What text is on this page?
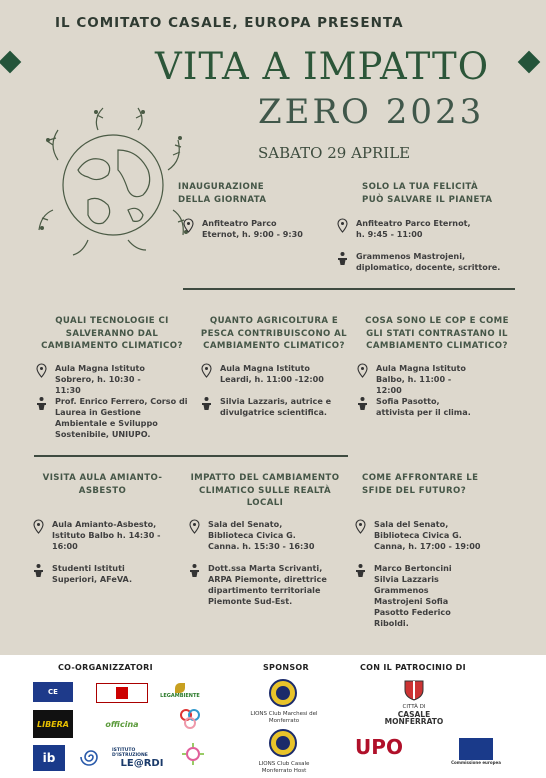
IL COMITATO CASALE, EUROPA PRESENTA
VITA A IMPATTO
ZERO 2023
SABATO 29 APRILE
INAUGURAZIONE DELLA GIORNATA
Anfiteatro Parco Eternot, h. 9:00 - 9:30
SOLO LA TUA FELICITÀ PUÒ SALVARE IL PIANETA
Anfiteatro Parco Eternot, h. 9:45 - 11:00
Grammenos Mastrojeni, diplomatico, docente, scrittore.
QUALI TECNOLOGIE CI SALVERANNO DAL CAMBIAMENTO CLIMATICO?
Aula Magna Istituto Sobrero, h. 10:30 - 11:30
Prof. Enrico Ferrero, Corso di Laurea in Gestione Ambientale e Sviluppo Sostenibile, UNIUPO.
QUANTO AGRICOLTURA E PESCA CONTRIBUISCONO AL CAMBIAMENTO CLIMATICO?
Aula Magna Istituto Leardi, h. 11:00 -12:00
Silvia Lazzaris, autrice e divulgatrice scientifica.
COSA SONO LE COP E COME GLI STATI CONTRASTANO IL CAMBIAMENTO CLIMATICO?
Aula Magna Istituto Balbo, h. 11:00 - 12:00
Sofia Pasotto, attivista per il clima.
VISITA AULA AMIANTO-ASBESTO
Aula Amianto-Asbesto, Istituto Balbo h. 14:30 - 16:00
Studenti Istituti Superiori, AFeVA.
IMPATTO DEL CAMBIAMENTO CLIMATICO SULLE REALTÀ LOCALI
Sala del Senato, Biblioteca Civica G. Canna. h. 15:30 - 16:30
Dott.ssa Marta Scrivanti, ARPA Piemonte, direttrice dipartimento territoriale Piemonte Sud-Est.
COME AFFRONTARE LE SFIDE DEL FUTURO?
Sala del Senato, Biblioteca Civica G. Canna, h. 17:00 - 19:00
Marco Bertoncini Silvia Lazzaris Grammenos Mastrojeni Sofia Pasotto Federico Riboldi.
CO-ORGANIZZATORI	SPONSOR	CON IL PATROCINIO DI
CE	LEGAMBIENTE
LIBERA	officina
ib
ISTITUTO D'ISTRUZIONE
LE@RDI
LIONS Club Marchesi del Monferrato
LIONS Club Casale Monferrato Host
CITTÀ DI
CASALE MONFERRATO
UPO
Commissione europea
